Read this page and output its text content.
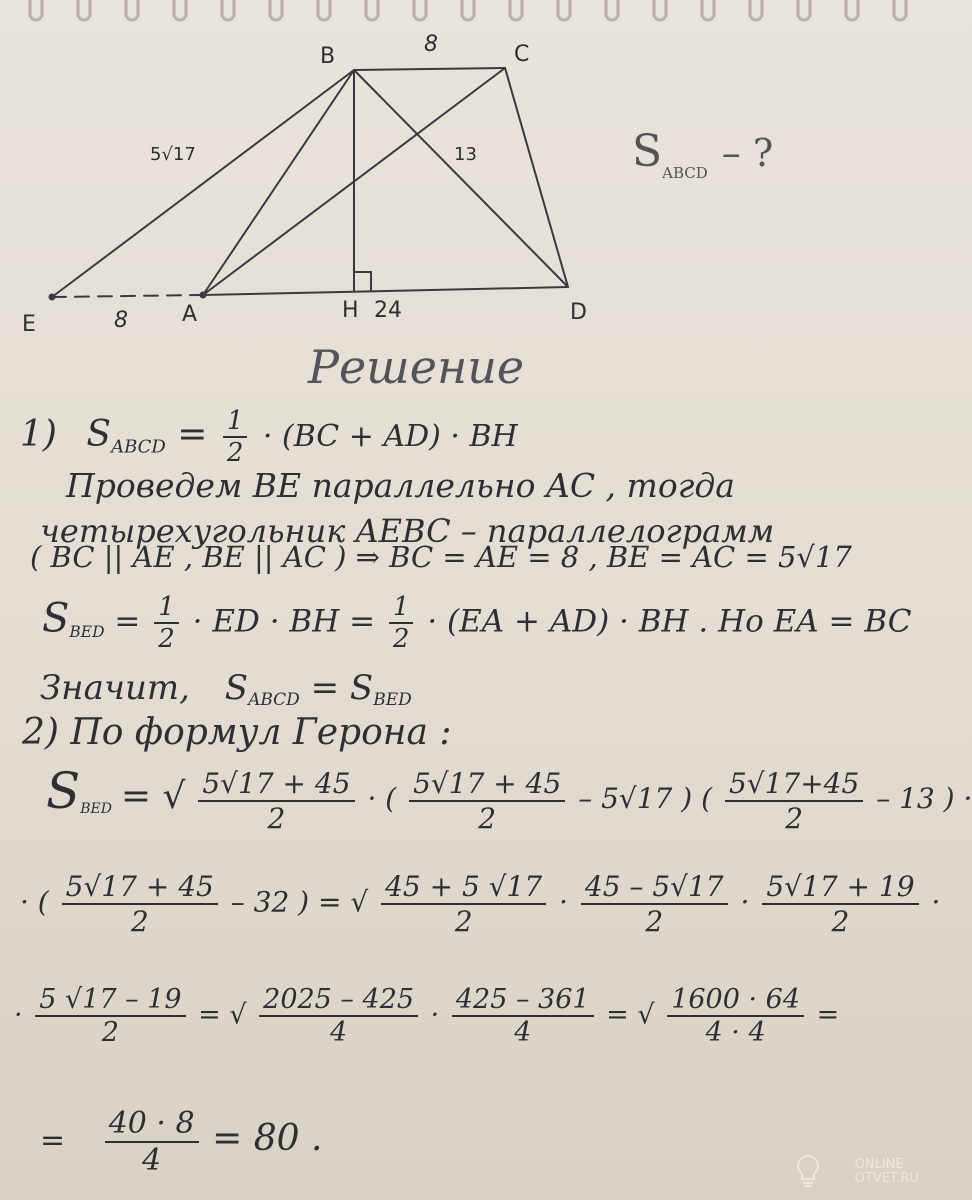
B	C
E	A	H	D
8
8
5√17	13
24
$S_{ABCD}$ – ?
Решение
1) $S_{ABCD} = \frac{1}{2} \cdot (BC + AD)$ · BH
Проведем BE параллельно AC , тогда
четырехугольник AEBC – параллелограмм
( BC || AE , BE || AC ) ⇒ BC = AE = 8 , BE = AC = 5√17
$S_{BED} = \frac{1}{2}$ · ED · BH = $\frac{1}{2} \cdot (EA + AD)$ · BH . Но EA = BC
Значит, $S_{ABCD} = S_{BED}$
2) По формул Герона :
$S_{BED}$ = √ $\frac{5√17 + 45}{2}$ · ( $\frac{5√17 + 45}{2} - 5√17$ ) ( $\frac{5√17+45}{2} - 13$ ) ·
· ( $\frac{5√17 + 45}{2} - 32$ ) = √ $\frac{45 + 5 √17}{2} \cdot \frac{45 - 5√17}{2} \cdot \frac{5√17 + 19}{2}$ ·
· $\frac{5 √17 - 19}{2}$ = √ $\frac{2025 - 425}{4} \cdot \frac{425 - 361}{4}$ = √ $\frac{1600 \cdot 64}{4 \cdot 4}$ =
= $\frac{40 \cdot 8}{4} = 80$ .
ONLINE
OTVET.RU
